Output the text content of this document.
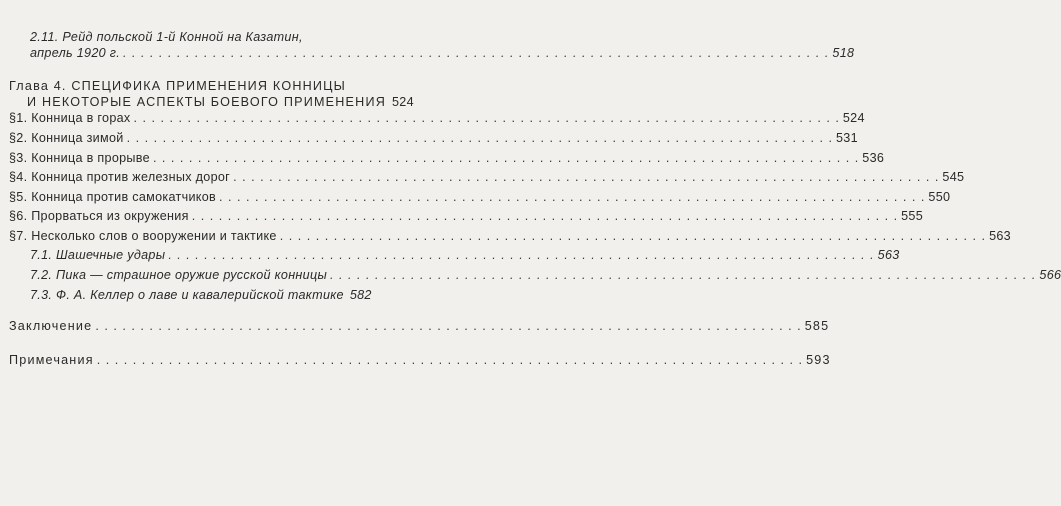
2.11. Рейд польской 1-й Конной на Казатин,
апрель 1920 г. . . .	518
Глава 4. СПЕЦИФИКА ПРИМЕНЕНИЯ КОННИЦЫ
И НЕКОТОРЫЕ АСПЕКТЫ БОЕВОГО ПРИМЕНЕНИЯ 524
§1. Конница в горах . . .	524
§2. Конница зимой . . .	531
§3. Конница в прорыве . . .	536
§4. Конница против железных дорог . . .	545
§5. Конница против самокатчиков . . .	550
§6. Прорваться из окружения . . .	555
§7. Несколько слов о вооружении и тактике . . .	563
7.1. Шашечные удары . . .	563
7.2. Пика — страшное оружие русской конницы . . .	566
7.3. Ф. А. Келлер о лаве и кавалерийской тактике 582
Заключение . . .	585
Примечания . . .	593
